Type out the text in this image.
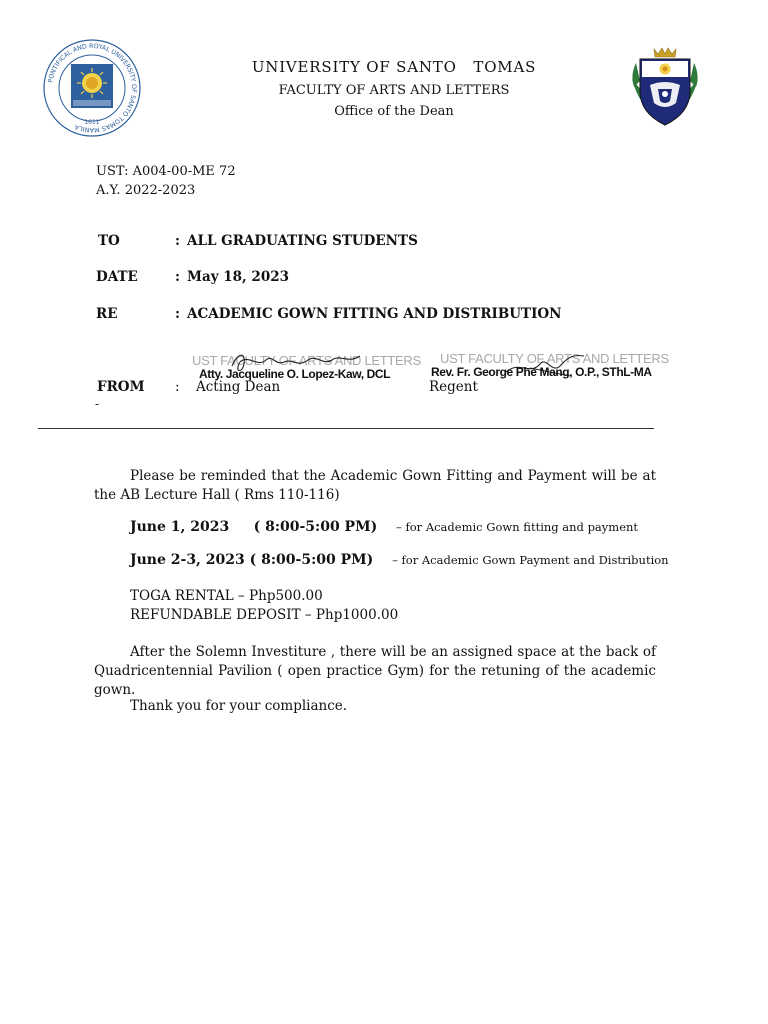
PONTIFICAL AND ROYAL UNIVERSITY OF SANTO TOMAS MANILA
1611
UNIVERSITY OF SANTO   TOMAS
FACULTY OF ARTS AND LETTERS
Office of the Dean
UST: A004-00-ME 72
A.Y. 2022-2023
TO	: ALL GRADUATING STUDENTS
DATE	: May 18, 2023
RE	: ACADEMIC GOWN FITTING AND DISTRIBUTION
UST FACULTY OF ARTS AND LETTERS
Atty. Jacqueline O. Lopez-Kaw, DCL
UST FACULTY OF ARTS AND LETTERS
Rev. Fr. George Phe Mang, O.P., SThL-MA
FROM : Acting Dean	Regent
-
Please be reminded that the Academic Gown Fitting and Payment will be at the AB Lecture Hall ( Rms 110-116)
June 1, 2023     ( 8:00-5:00 PM) – for Academic Gown fitting and payment
June 2-3, 2023 ( 8:00-5:00 PM) – for Academic Gown Payment and Distribution
TOGA RENTAL – Php500.00
REFUNDABLE DEPOSIT – Php1000.00
After the Solemn Investiture , there will be an assigned space at the back of Quadricentennial Pavilion ( open practice Gym) for the retuning of the academic gown.
Thank you for your compliance.
